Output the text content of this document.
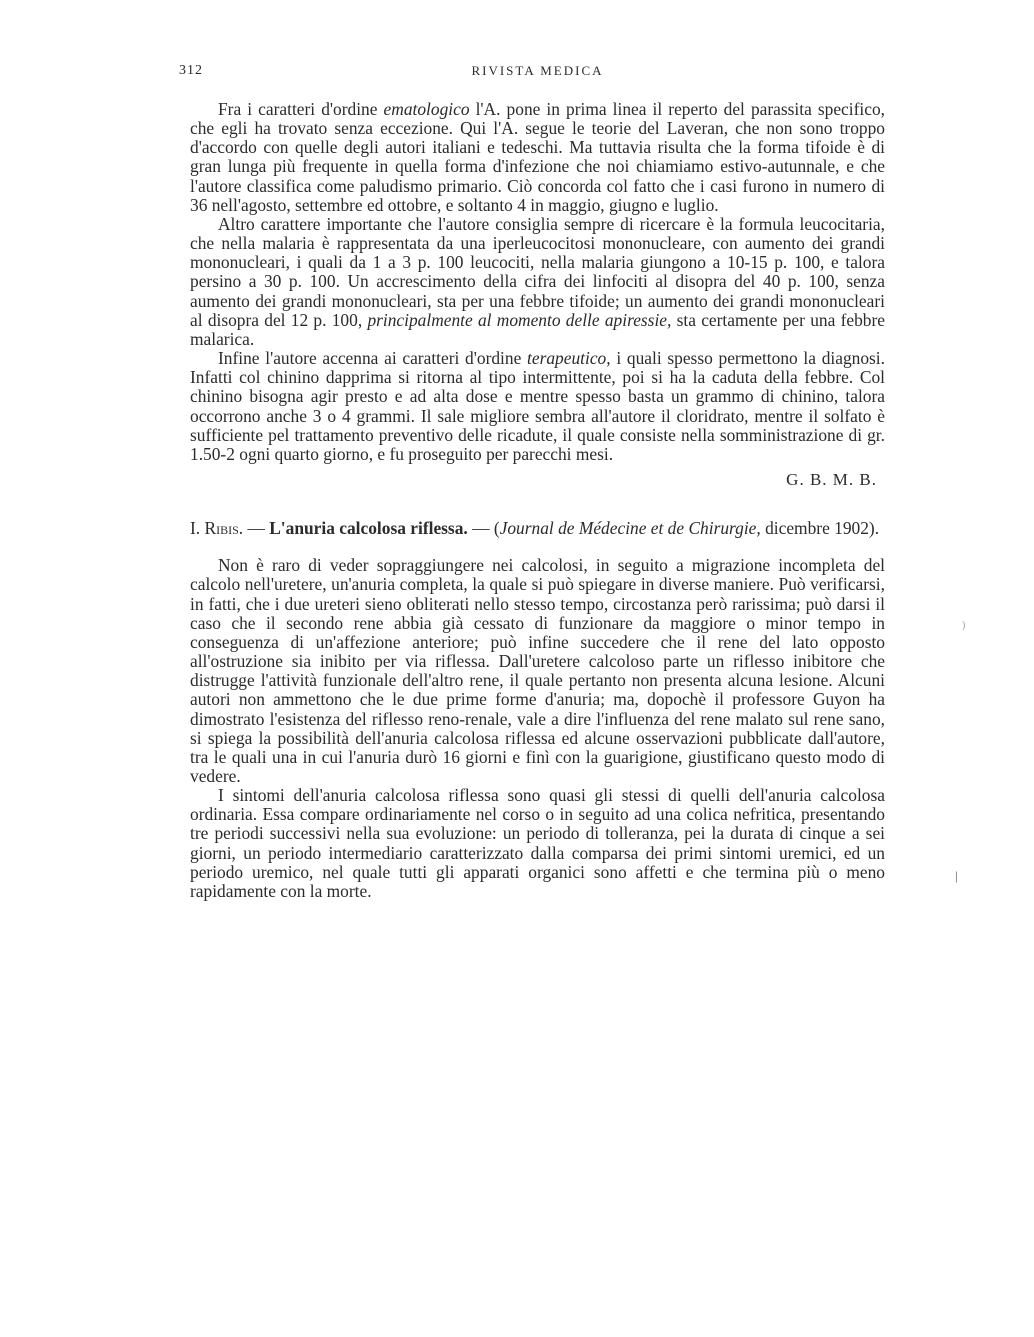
312	RIVISTA MEDICA

Fra i caratteri d'ordine ematologico l'A. pone in prima linea il reperto del parassita specifico, che egli ha trovato senza eccezione. Qui l'A. segue le teorie del Laveran, che non sono troppo d'accordo con quelle degli autori italiani e tedeschi. Ma tuttavia risulta che la forma tifoide è di gran lunga più frequente in quella forma d'infezione che noi chiamiamo estivo-autunnale, e che l'autore classifica come paludismo primario. Ciò concorda col fatto che i casi furono in numero di 36 nell'agosto, settembre ed ottobre, e soltanto 4 in maggio, giugno e luglio.

Altro carattere importante che l'autore consiglia sempre di ricercare è la formula leucocitaria, che nella malaria è rappresentata da una iperleucocitosi mononucleare, con aumento dei grandi mononucleari, i quali da 1 a 3 p. 100 leucociti, nella malaria giungono a 10-15 p. 100, e talora persino a 30 p. 100. Un accrescimento della cifra dei linfociti al disopra del 40 p. 100, senza aumento dei grandi mononucleari, sta per una febbre tifoide; un aumento dei grandi mononucleari al disopra del 12 p. 100, principalmente al momento delle apiressie, sta certamente per una febbre malarica.

Infine l'autore accenna ai caratteri d'ordine terapeutico, i quali spesso permettono la diagnosi. Infatti col chinino dapprima si ritorna al tipo intermittente, poi si ha la caduta della febbre. Col chinino bisogna agir presto e ad alta dose e mentre spesso basta un grammo di chinino, talora occorrono anche 3 o 4 grammi. Il sale migliore sembra all'autore il cloridrato, mentre il solfato è sufficiente pel trattamento preventivo delle ricadute, il quale consiste nella somministrazione di gr. 1.50-2 ogni quarto giorno, e fu proseguito per parecchi mesi.

G. B. M. B.

I. Ribis. — L'anuria calcolosa riflessa. — (Journal de Médecine et de Chirurgie, dicembre 1902).

Non è raro di veder sopraggiungere nei calcolosi, in seguito a migrazione incompleta del calcolo nell'uretere, un'anuria completa, la quale si può spiegare in diverse maniere. Può verificarsi, in fatti, che i due ureteri sieno obliterati nello stesso tempo, circostanza però rarissima; può darsi il caso che il secondo rene abbia già cessato di funzionare da maggiore o minor tempo in conseguenza di un'affezione anteriore; può infine succedere che il rene del lato opposto all'ostruzione sia inibito per via riflessa. Dall'uretere calcoloso parte un riflesso inibitore che distrugge l'attività funzionale dell'altro rene, il quale pertanto non presenta alcuna lesione. Alcuni autori non ammettono che le due prime forme d'anuria; ma, dopochè il professore Guyon ha dimostrato l'esistenza del riflesso reno-renale, vale a dire l'influenza del rene malato sul rene sano, si spiega la possibilità dell'anuria calcolosa riflessa ed alcune osservazioni pubblicate dall'autore, tra le quali una in cui l'anuria durò 16 giorni e finì con la guarigione, giustificano questo modo di vedere.

I sintomi dell'anuria calcolosa riflessa sono quasi gli stessi di quelli dell'anuria calcolosa ordinaria. Essa compare ordinariamente nel corso o in seguito ad una colica nefritica, presentando tre periodi successivi nella sua evoluzione: un periodo di tolleranza, pei la durata di cinque a sei giorni, un periodo intermediario caratterizzato dalla comparsa dei primi sintomi uremici, ed un periodo uremico, nel quale tutti gli apparati organici sono affetti e che termina più o meno rapidamente con la morte.

)
|
